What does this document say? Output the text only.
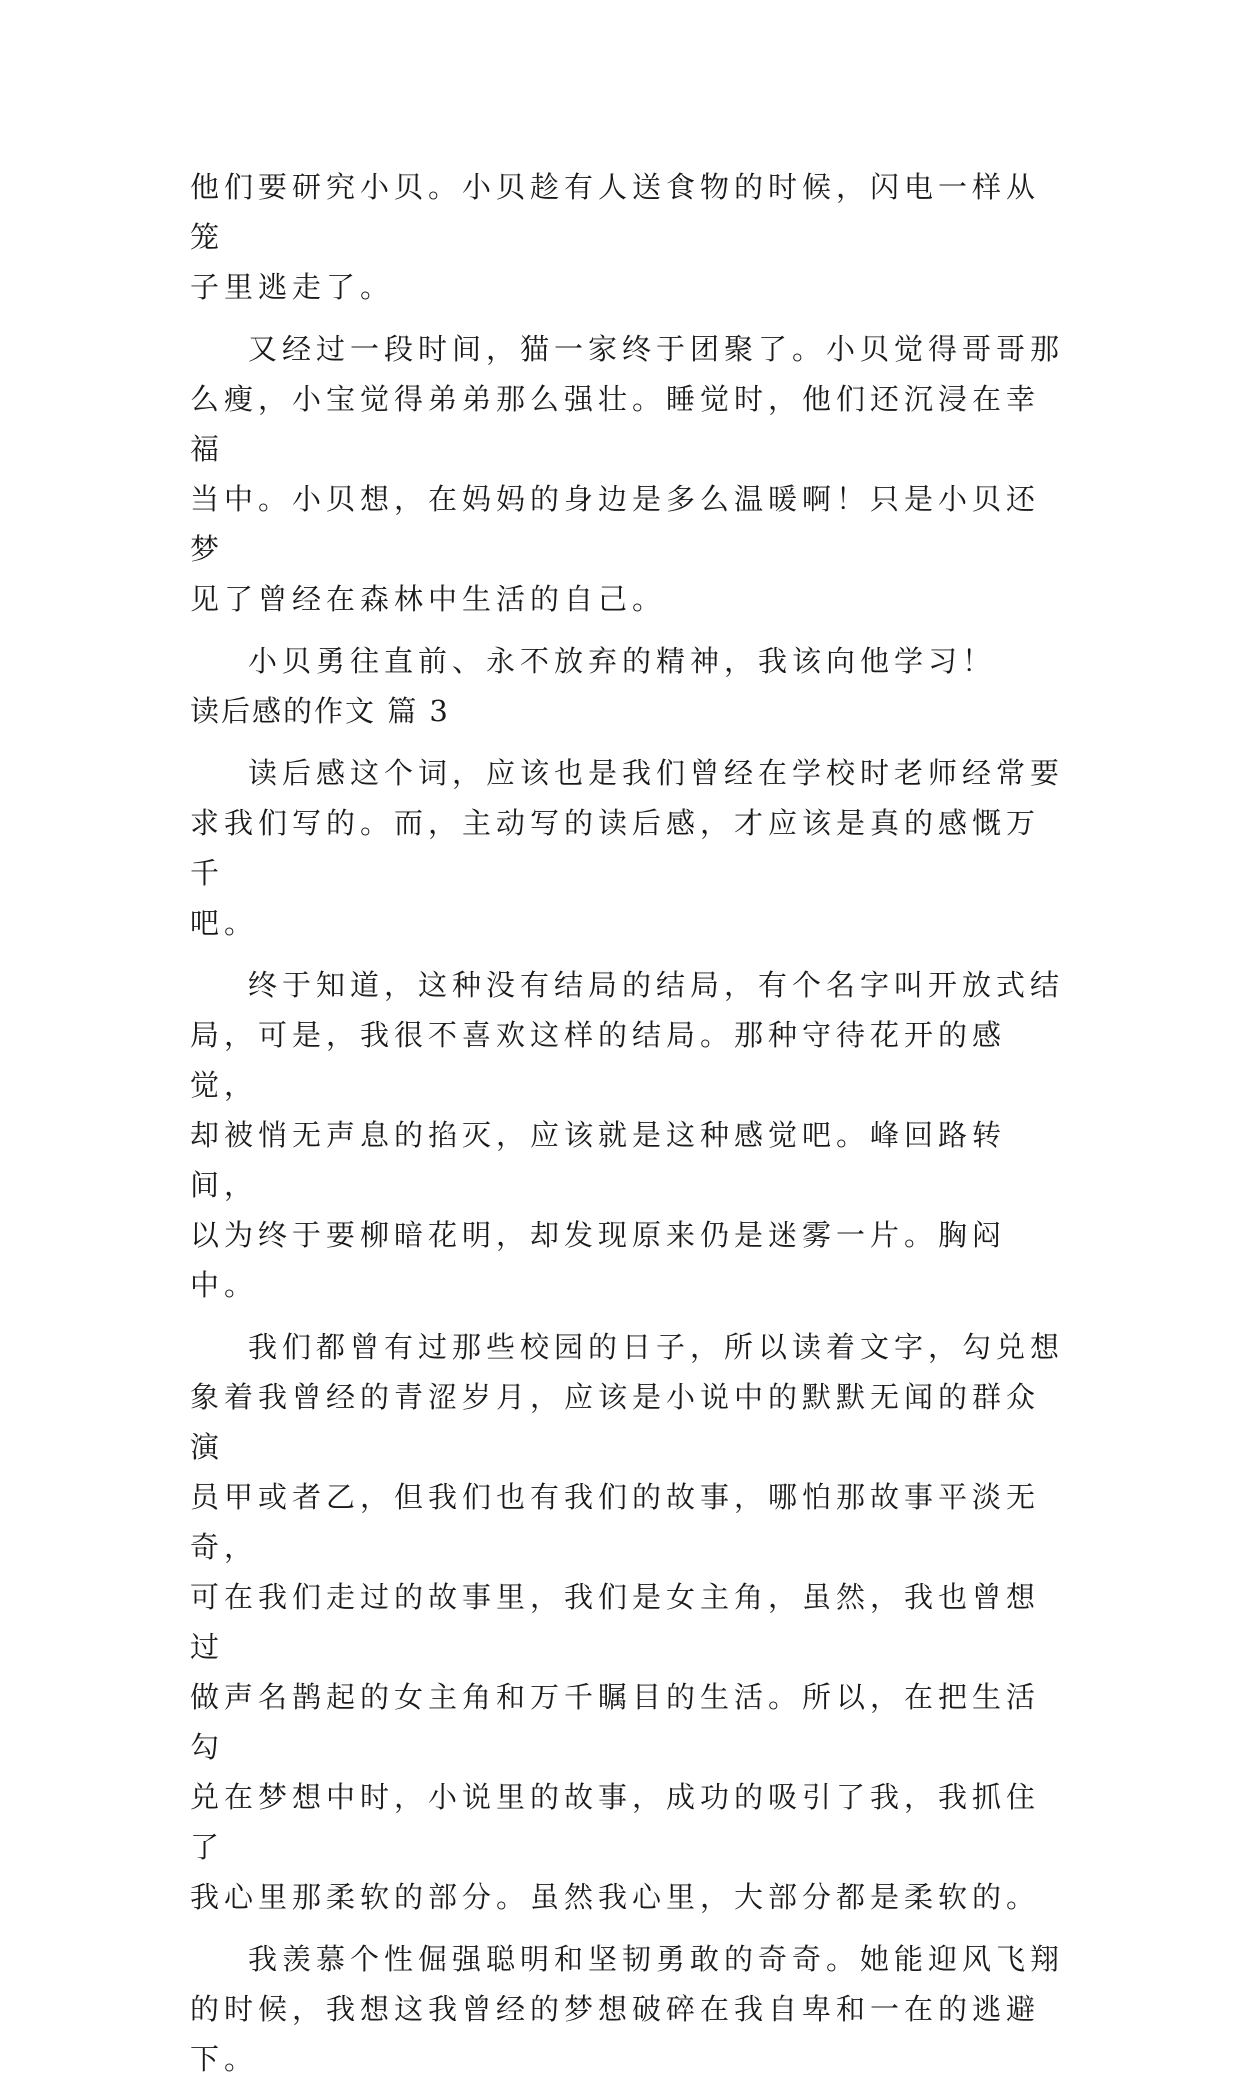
他们要研究小贝。小贝趁有人送食物的时候，闪电一样从笼
子里逃走了。

又经过一段时间，猫一家终于团聚了。小贝觉得哥哥那
么瘦，小宝觉得弟弟那么强壮。睡觉时，他们还沉浸在幸福
当中。小贝想，在妈妈的身边是多么温暖啊！只是小贝还梦
见了曾经在森林中生活的自己。

小贝勇往直前、永不放弃的精神，我该向他学习！

读后感的作文 篇 3

读后感这个词，应该也是我们曾经在学校时老师经常要
求我们写的。而，主动写的读后感，才应该是真的感慨万千
吧。

终于知道，这种没有结局的结局，有个名字叫开放式结
局，可是，我很不喜欢这样的结局。那种守待花开的感觉，
却被悄无声息的掐灭，应该就是这种感觉吧。峰回路转间，
以为终于要柳暗花明，却发现原来仍是迷雾一片。胸闷中。

我们都曾有过那些校园的日子，所以读着文字，勾兑想
象着我曾经的青涩岁月，应该是小说中的默默无闻的群众演
员甲或者乙，但我们也有我们的故事，哪怕那故事平淡无奇，
可在我们走过的故事里，我们是女主角，虽然，我也曾想过
做声名鹊起的女主角和万千瞩目的生活。所以，在把生活勾
兑在梦想中时，小说里的故事，成功的吸引了我，我抓住了
我心里那柔软的部分。虽然我心里，大部分都是柔软的。

我羡慕个性倔强聪明和坚韧勇敢的奇奇。她能迎风飞翔
的时候，我想这我曾经的梦想破碎在我自卑和一在的逃避下。
